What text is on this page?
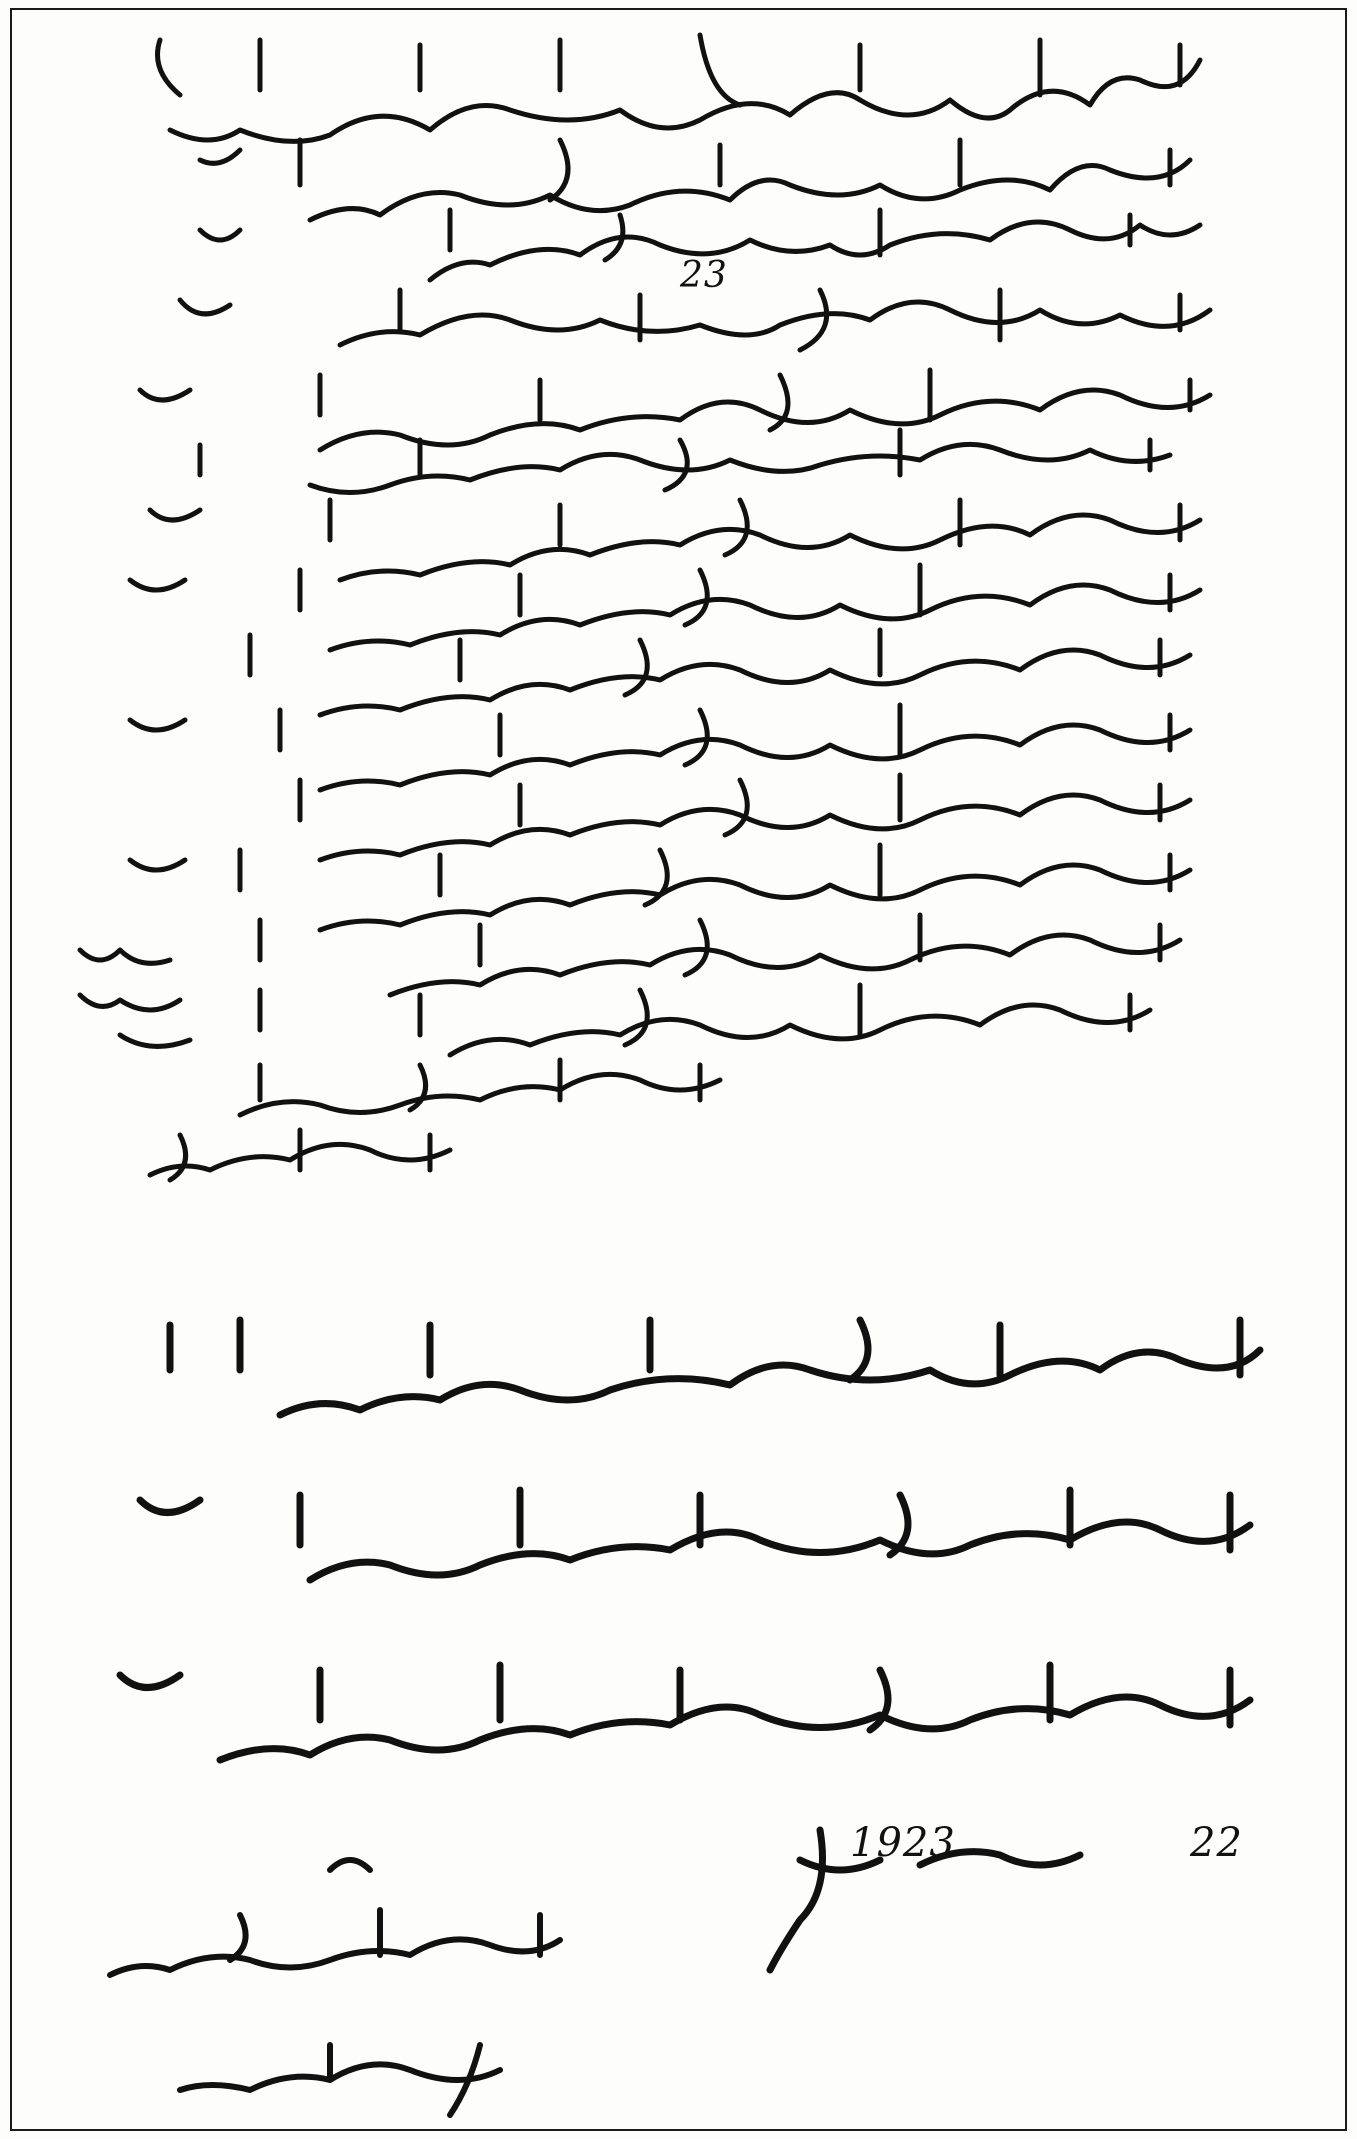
23
22
1923
